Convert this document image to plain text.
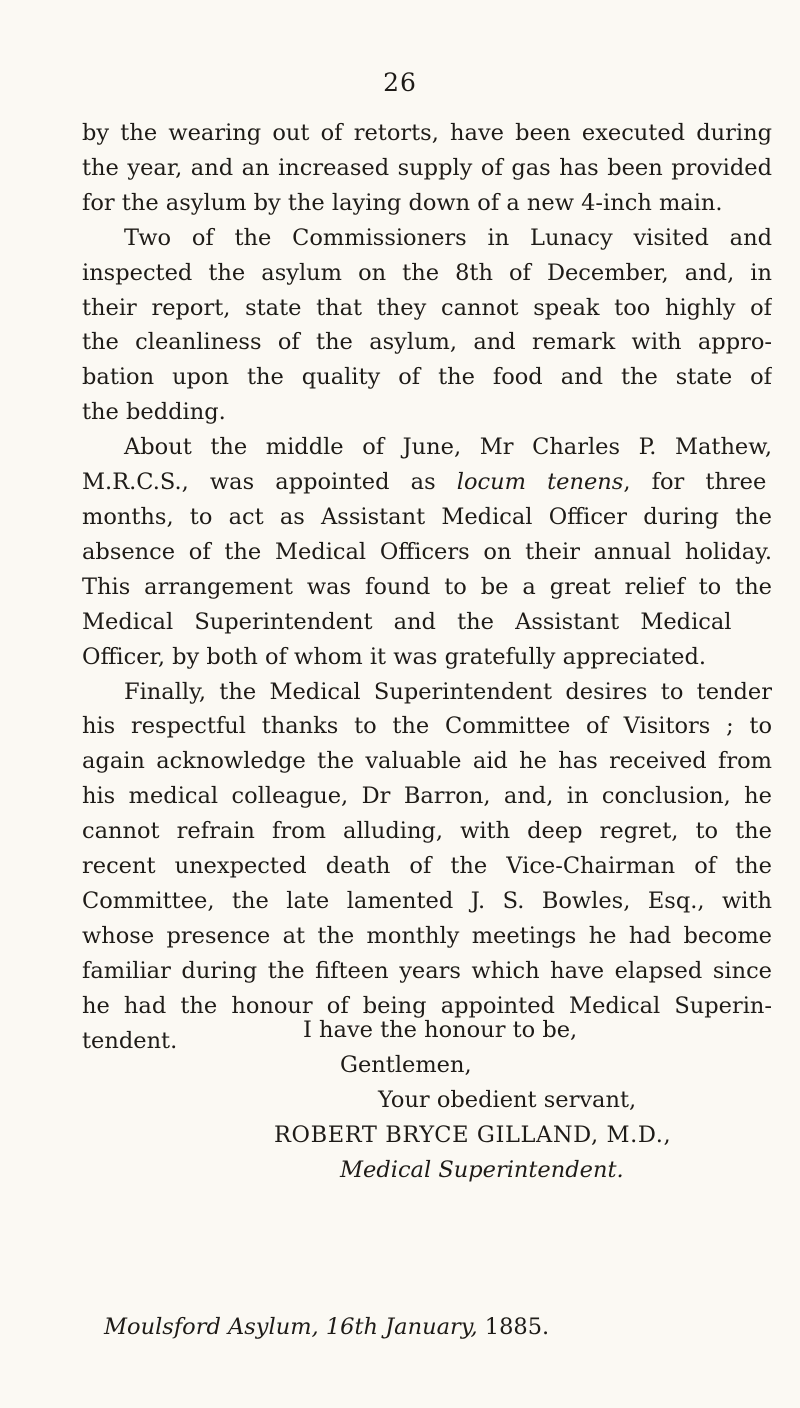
26
by the wearing out of retorts, have been executed during
the year, and an increased supply of gas has been provided
for the asylum by the laying down of a new 4-inch main.
Two of the Commissioners in Lunacy visited and
inspected the asylum on the 8th of December, and, in
their report, state that they cannot speak too highly of
the cleanliness of the asylum, and remark with appro-
bation upon the quality of the food and the state of
the bedding.
About the middle of June, Mr Charles P. Mathew,
M.R.C.S., was appointed as locum tenens, for three
months, to act as Assistant Medical Officer during the
absence of the Medical Officers on their annual holiday.
This arrangement was found to be a great relief to the
Medical Superintendent and the Assistant Medical
Officer, by both of whom it was gratefully appreciated.
Finally, the Medical Superintendent desires to tender
his respectful thanks to the Committee of Visitors ; to
again acknowledge the valuable aid he has received from
his medical colleague, Dr Barron, and, in conclusion, he
cannot refrain from alluding, with deep regret, to the
recent unexpected death of the Vice-Chairman of the
Committee, the late lamented J. S. Bowles, Esq., with
whose presence at the monthly meetings he had become
familiar during the fifteen years which have elapsed since
he had the honour of being appointed Medical Superin-
tendent.	I have the honour to be,
Gentlemen,
Your obedient servant,
ROBERT BRYCE GILLAND, M.D.,
Medical Superintendent.
Moulsford Asylum, 16th January, 1885.
